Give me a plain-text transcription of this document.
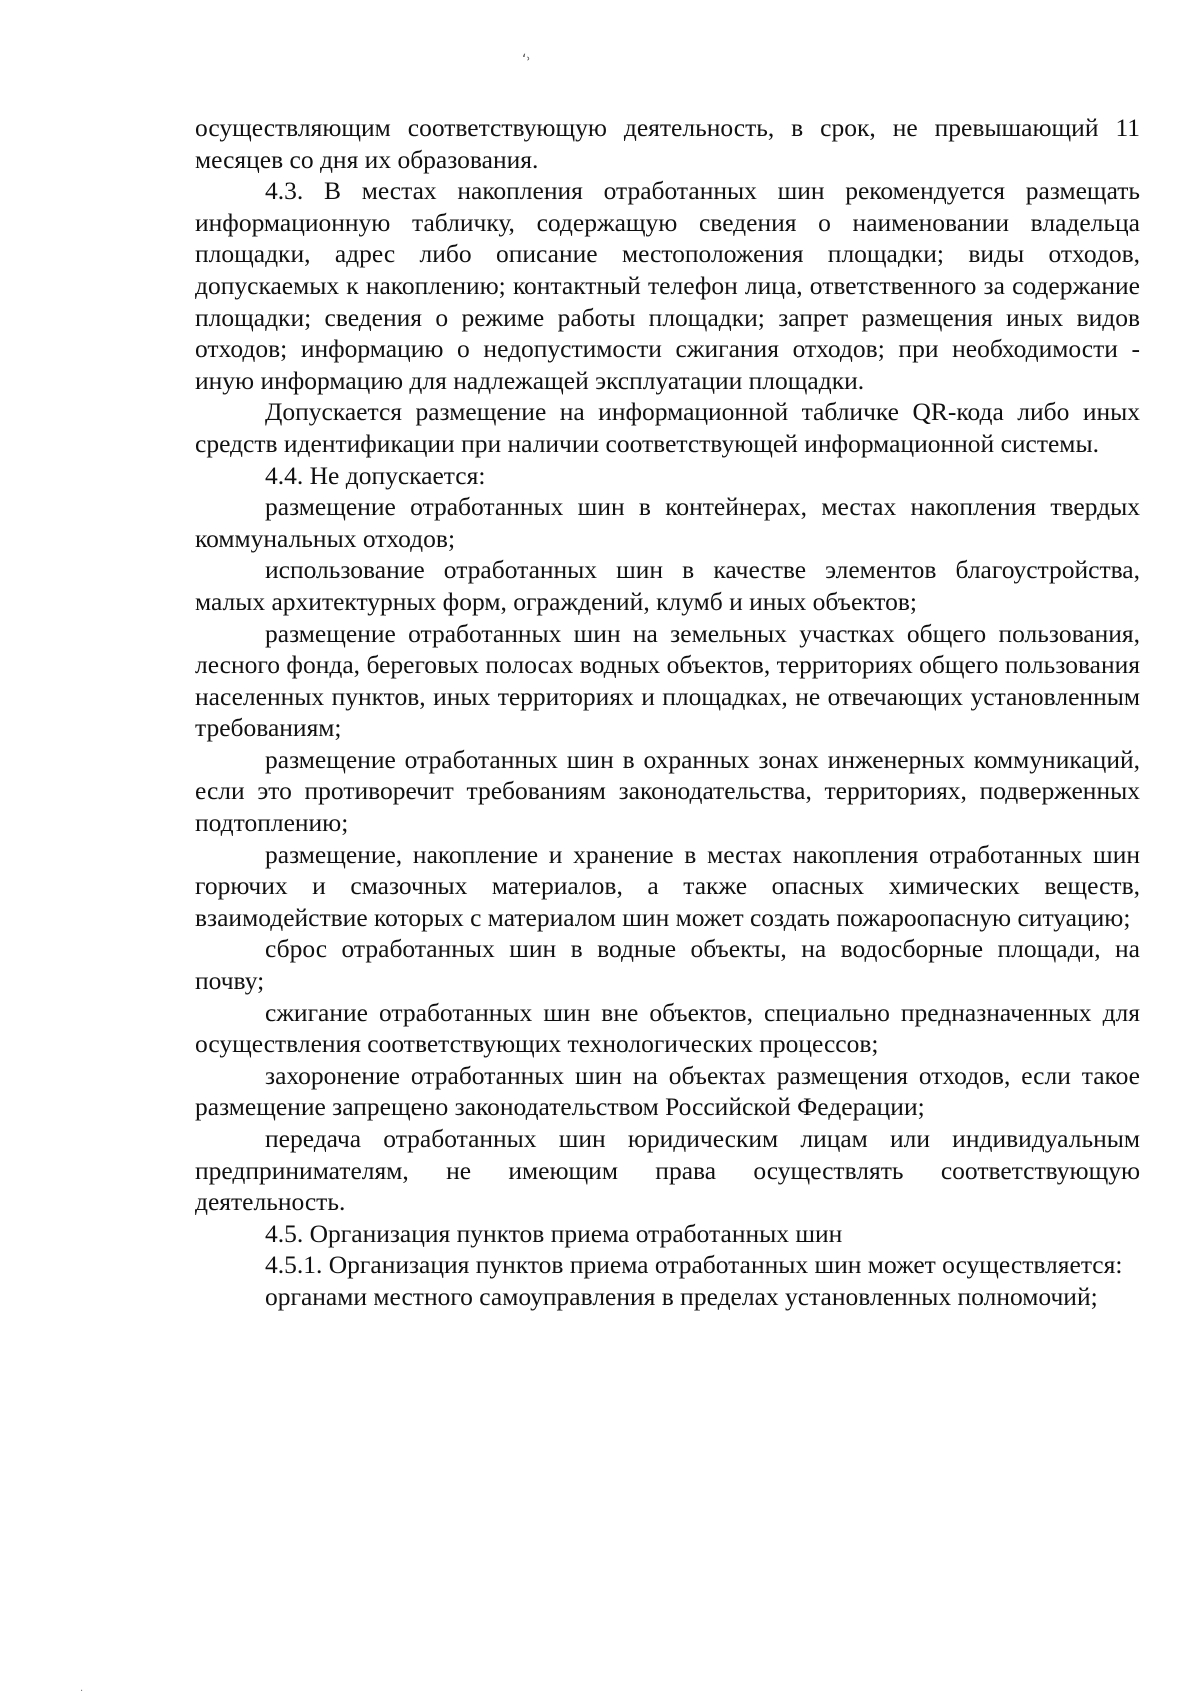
ʻ˒

осуществляющим соответствующую деятельность, в срок, не превышающий 11 месяцев со дня их образования.

4.3. В местах накопления отработанных шин рекомендуется размещать информационную табличку, содержащую сведения о наименовании владельца площадки, адрес либо описание местоположения площадки; виды отходов, допускаемых к накоплению; контактный телефон лица, ответственного за содержание площадки; сведения о режиме работы площадки; запрет размещения иных видов отходов; информацию о недопустимости сжигания отходов; при необходимости - иную информацию для надлежащей эксплуатации площадки.

Допускается размещение на информационной табличке QR-кода либо иных средств идентификации при наличии соответствующей информационной системы.

4.4. Не допускается:

размещение отработанных шин в контейнерах, местах накопления твердых коммунальных отходов;

использование отработанных шин в качестве элементов благоустройства, малых архитектурных форм, ограждений, клумб и иных объектов;

размещение отработанных шин на земельных участках общего пользования, лесного фонда, береговых полосах водных объектов, территориях общего пользования населенных пунктов, иных территориях и площадках, не отвечающих установленным требованиям;

размещение отработанных шин в охранных зонах инженерных коммуникаций, если это противоречит требованиям законодательства, территориях, подверженных подтоплению;

размещение, накопление и хранение в местах накопления отработанных шин горючих и смазочных материалов, а также опасных химических веществ, взаимодействие которых с материалом шин может создать пожароопасную ситуацию;

сброс отработанных шин в водные объекты, на водосборные площади, на почву;

сжигание отработанных шин вне объектов, специально предназначенных для осуществления соответствующих технологических процессов;

захоронение отработанных шин на объектах размещения отходов, если такое размещение запрещено законодательством Российской Федерации;

передача отработанных шин юридическим лицам или индивидуальным предпринимателям, не имеющим права осуществлять соответствующую деятельность.

4.5. Организация пунктов приема отработанных шин

4.5.1. Организация пунктов приема отработанных шин может осуществляется:

органами местного самоуправления в пределах установленных полномочий;

·
